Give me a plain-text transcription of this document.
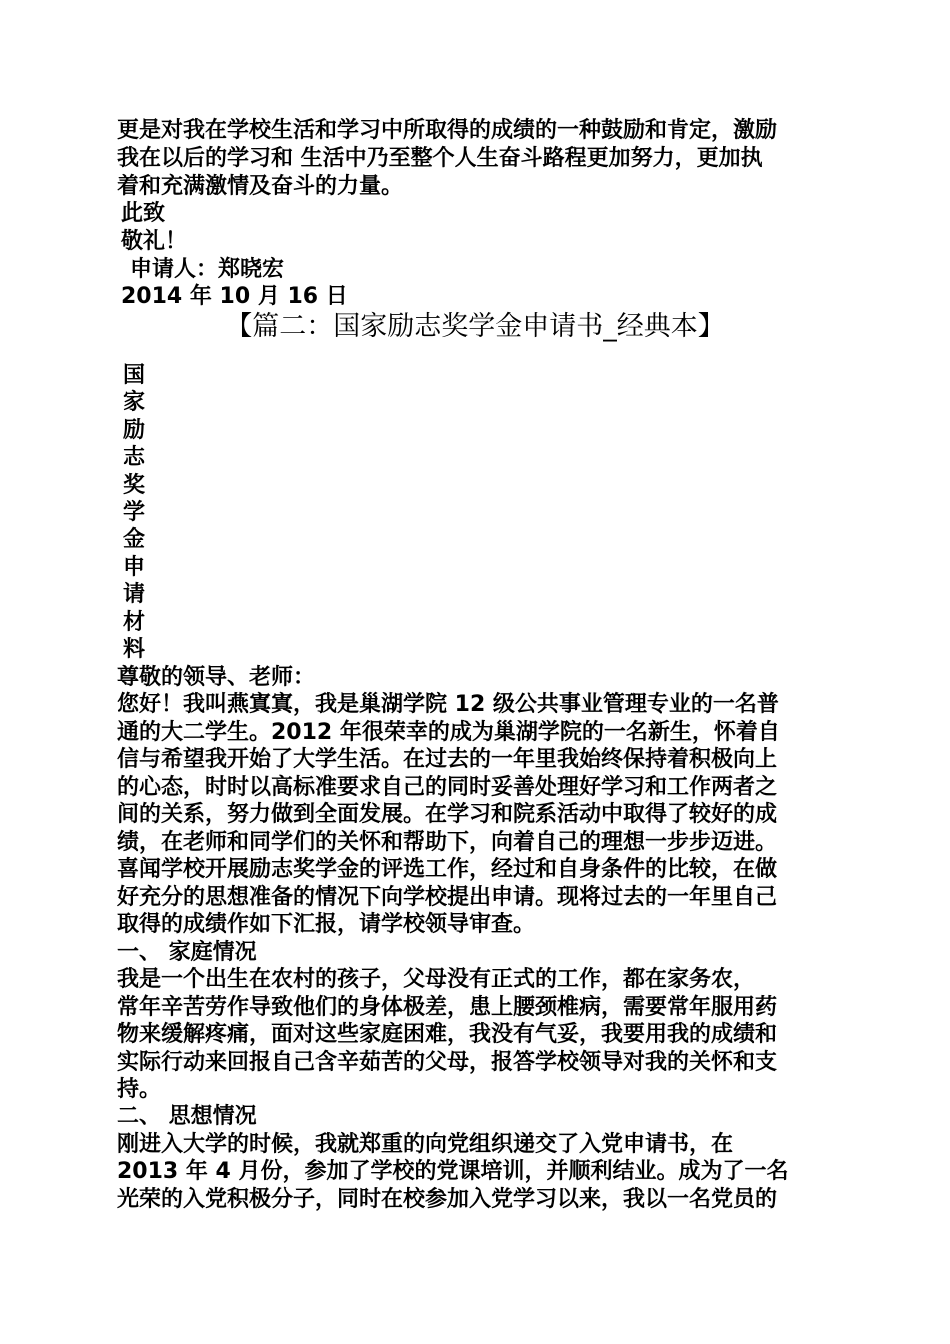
更是对我在学校生活和学习中所取得的成绩的一种鼓励和肯定，激励
我在以后的学习和 生活中乃至整个人生奋斗路程更加努力，更加执
着和充满激情及奋斗的力量。
此致
敬礼！
申请人：郑晓宏
2014 年 10 月 16 日
【篇二：国家励志奖学金申请书_经典本】
国家励志奖学金申请材料
尊敬的领导、老师：
您好！我叫燕寘寘，我是巢湖学院 12 级公共事业管理专业的一名普
通的大二学生。2012 年很荣幸的成为巢湖学院的一名新生，怀着自
信与希望我开始了大学生活。在过去的一年里我始终保持着积极向上
的心态，时时以高标准要求自己的同时妥善处理好学习和工作两者之
间的关系，努力做到全面发展。在学习和院系活动中取得了较好的成
绩，在老师和同学们的关怀和帮助下，向着自己的理想一步步迈进。
喜闻学校开展励志奖学金的评选工作，经过和自身条件的比较，在做
好充分的思想准备的情况下向学校提出申请。现将过去的一年里自己
取得的成绩作如下汇报，请学校领导审查。
一、 家庭情况
我是一个出生在农村的孩子，父母没有正式的工作，都在家务农，
常年辛苦劳作导致他们的身体极差，患上腰颈椎病，需要常年服用药
物来缓解疼痛，面对这些家庭困难，我没有气妥，我要用我的成绩和
实际行动来回报自己含辛茹苦的父母，报答学校领导对我的关怀和支
持。
二、 思想情况
刚进入大学的时候，我就郑重的向党组织递交了入党申请书，在
2013 年 4 月份，参加了学校的党课培训，并顺利结业。成为了一名
光荣的入党积极分子，同时在校参加入党学习以来，我以一名党员的
